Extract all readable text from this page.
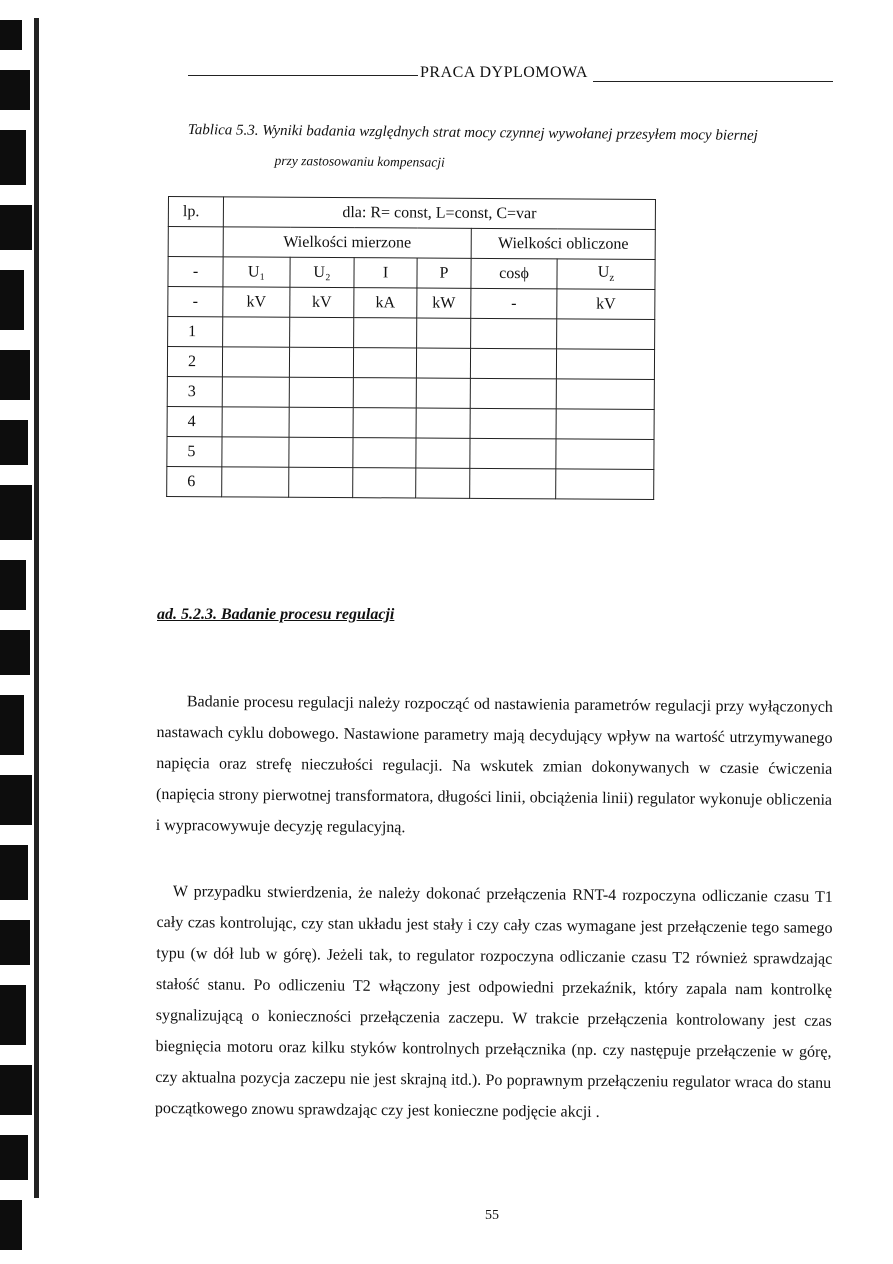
PRACA DYPLOMOWA
Tablica 5.3. Wyniki badania względnych strat mocy czynnej wywołanej przesyłem mocy biernej
przy zastosowaniu kompensacji
lp.	dla: R= const, L=const, C=var					
	Wielkości mierzone				Wielkości obliczone	
-	U₁	U₂	I	P	cosϕ	$U_z$
-	kV	kV	kA	kW	-	kV
1						
2						
3						
4						
5						
6						
ad. 5.2.3. Badanie procesu regulacji

Badanie procesu regulacji należy rozpocząć od nastawienia parametrów regulacji przy wyłączonych nastawach cyklu dobowego. Nastawione parametry mają decydujący wpływ na wartość utrzymywanego napięcia oraz strefę nieczułości regulacji. Na wskutek zmian dokonywanych w czasie ćwiczenia (napięcia strony pierwotnej transformatora, długości linii, obciążenia linii) regulator wykonuje obliczenia i wypracowywuje decyzję regulacyjną.

W przypadku stwierdzenia, że należy dokonać przełączenia RNT-4 rozpoczyna odliczanie czasu T1 cały czas kontrolując, czy stan układu jest stały i czy cały czas wymagane jest przełączenie tego samego typu (w dół lub w górę). Jeżeli tak, to regulator rozpoczyna odliczanie czasu T2 również sprawdzając stałość stanu. Po odliczeniu T2 włączony jest odpowiedni przekaźnik, który zapala nam kontrolkę sygnalizującą o konieczności przełączenia zaczepu. W trakcie przełączenia kontrolowany jest czas biegnięcia motoru oraz kilku styków kontrolnych przełącznika (np. czy następuje przełączenie w górę, czy aktualna pozycja zaczepu nie jest skrajną itd.). Po poprawnym przełączeniu regulator wraca do stanu początkowego znowu sprawdzając czy jest konieczne podjęcie akcji .

55
